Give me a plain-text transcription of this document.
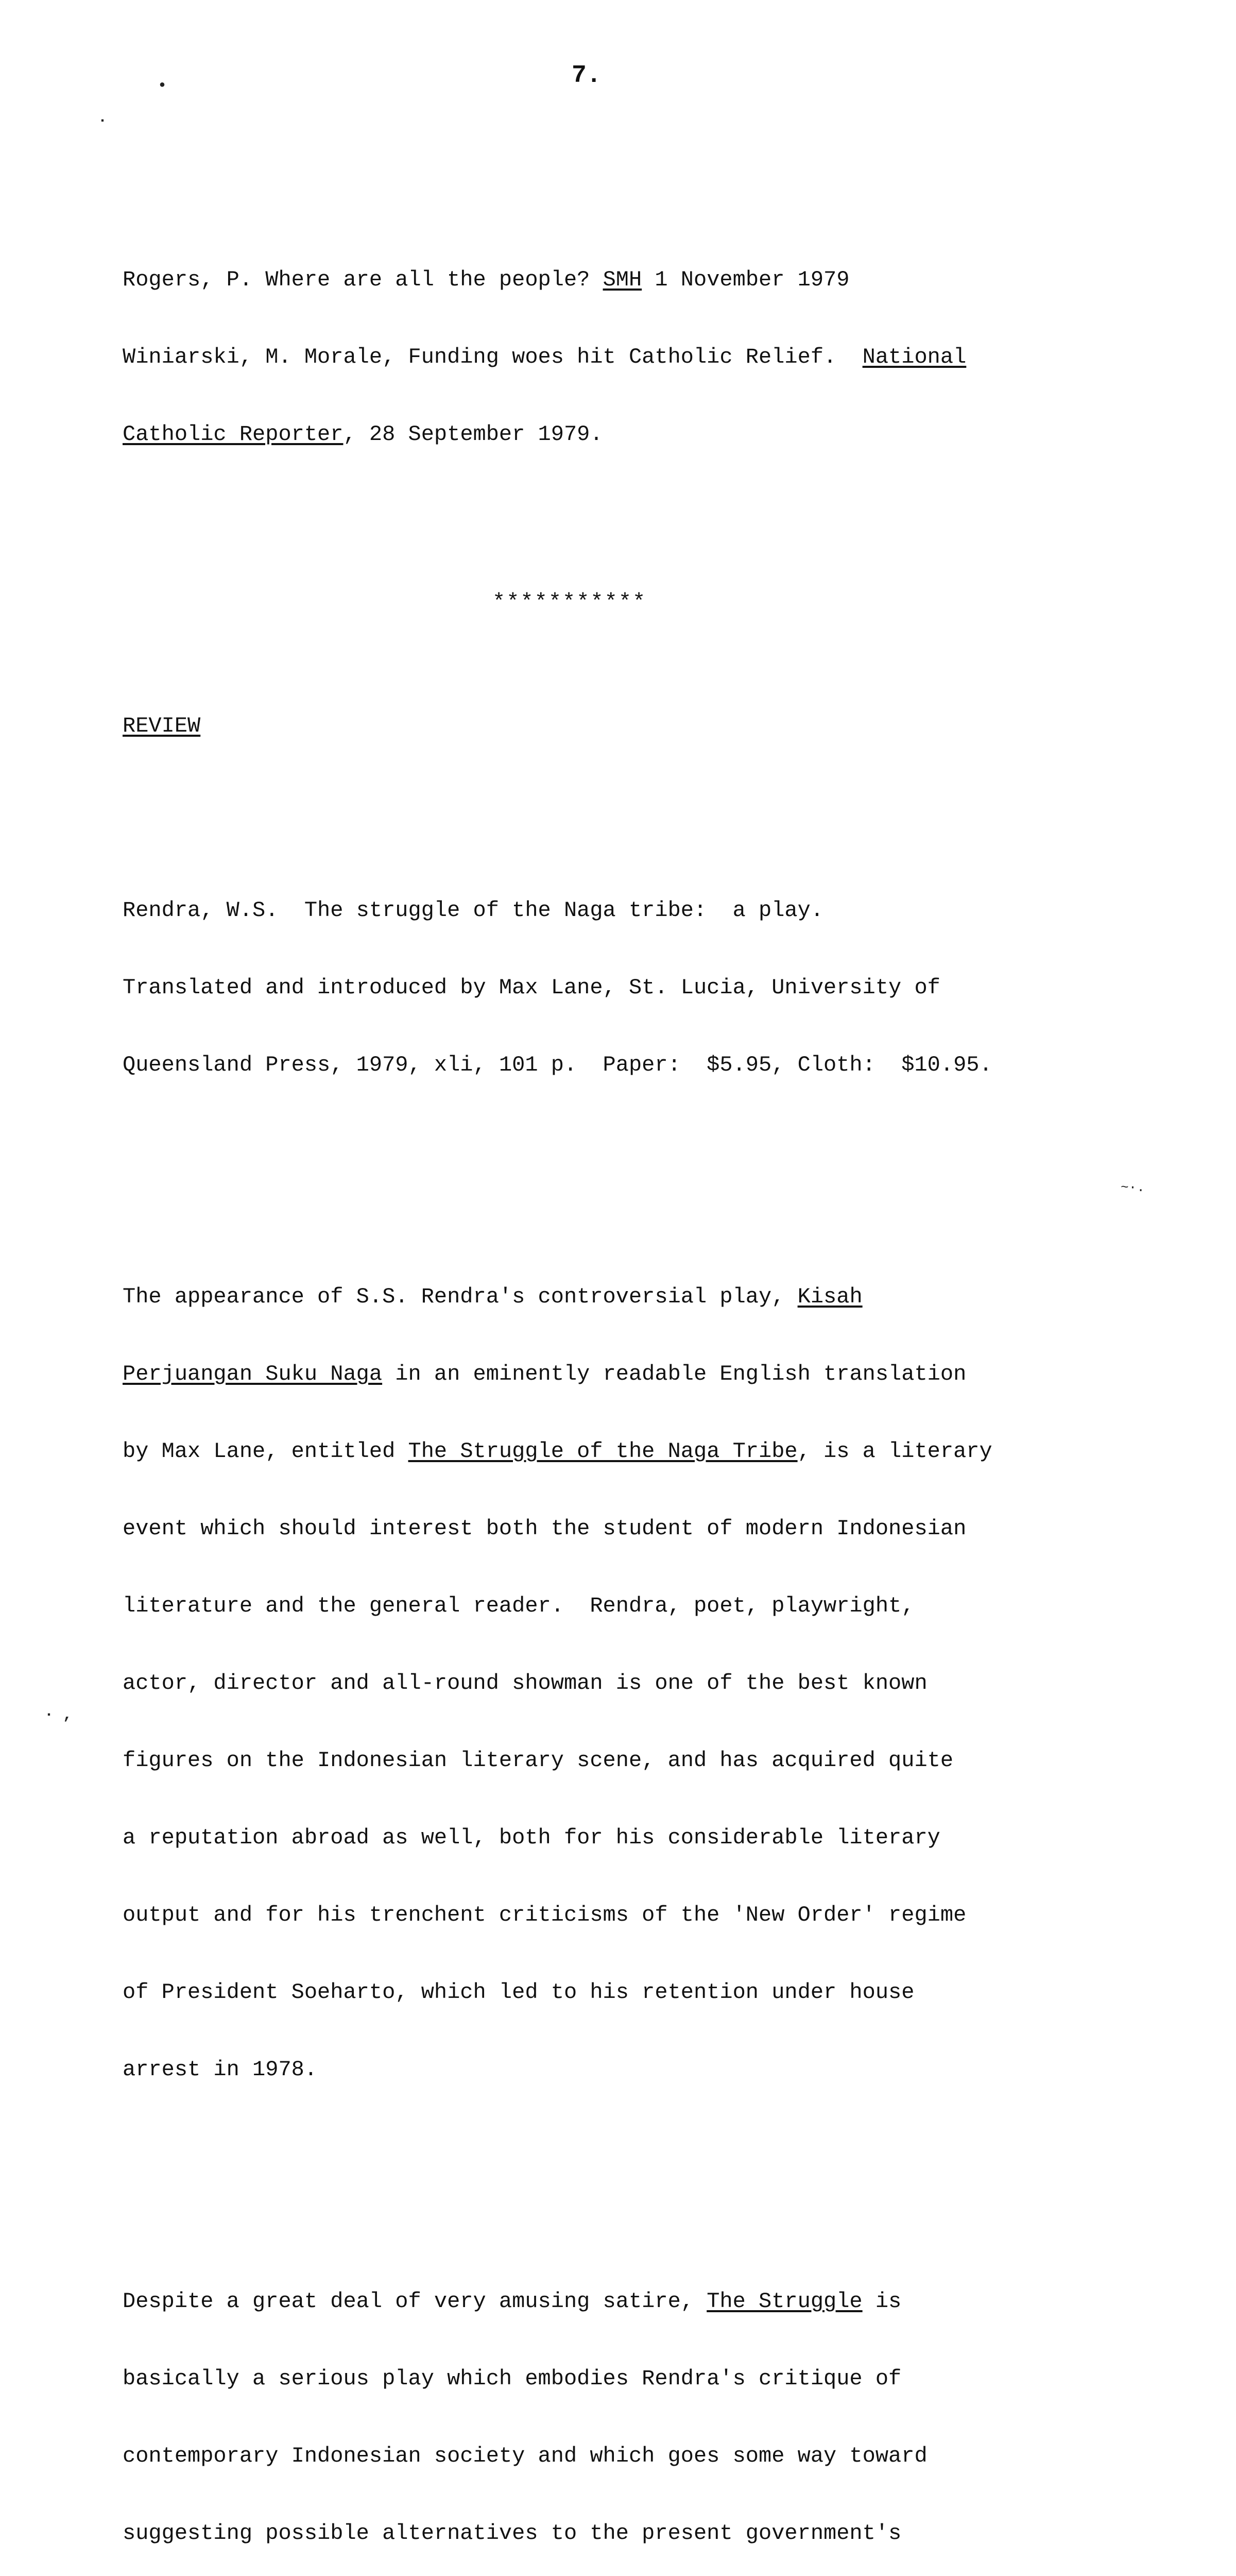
•
·
7.
~·.
· ,

Rogers, P. Where are all the people? SMH 1 November 1979

Winiarski, M. Morale, Funding woes hit Catholic Relief.  National

Catholic Reporter, 28 September 1979.

***********

REVIEW

Rendra, W.S.  The struggle of the Naga tribe:  a play.

Translated and introduced by Max Lane, St. Lucia, University of

Queensland Press, 1979, xli, 101 p.  Paper:  $5.95, Cloth:  $10.95.

The appearance of S.S. Rendra's controversial play, Kisah

Perjuangan Suku Naga in an eminently readable English translation

by Max Lane, entitled The Struggle of the Naga Tribe, is a literary

event which should interest both the student of modern Indonesian

literature and the general reader.  Rendra, poet, playwright,

actor, director and all-round showman is one of the best known

figures on the Indonesian literary scene, and has acquired quite

a reputation abroad as well, both for his considerable literary

output and for his trenchent criticisms of the 'New Order' regime

of President Soeharto, which led to his retention under house

arrest in 1978.

Despite a great deal of very amusing satire, The Struggle is

basically a serious play which embodies Rendra's critique of

contemporary Indonesian society and which goes some way toward

suggesting possible alternatives to the present government's
